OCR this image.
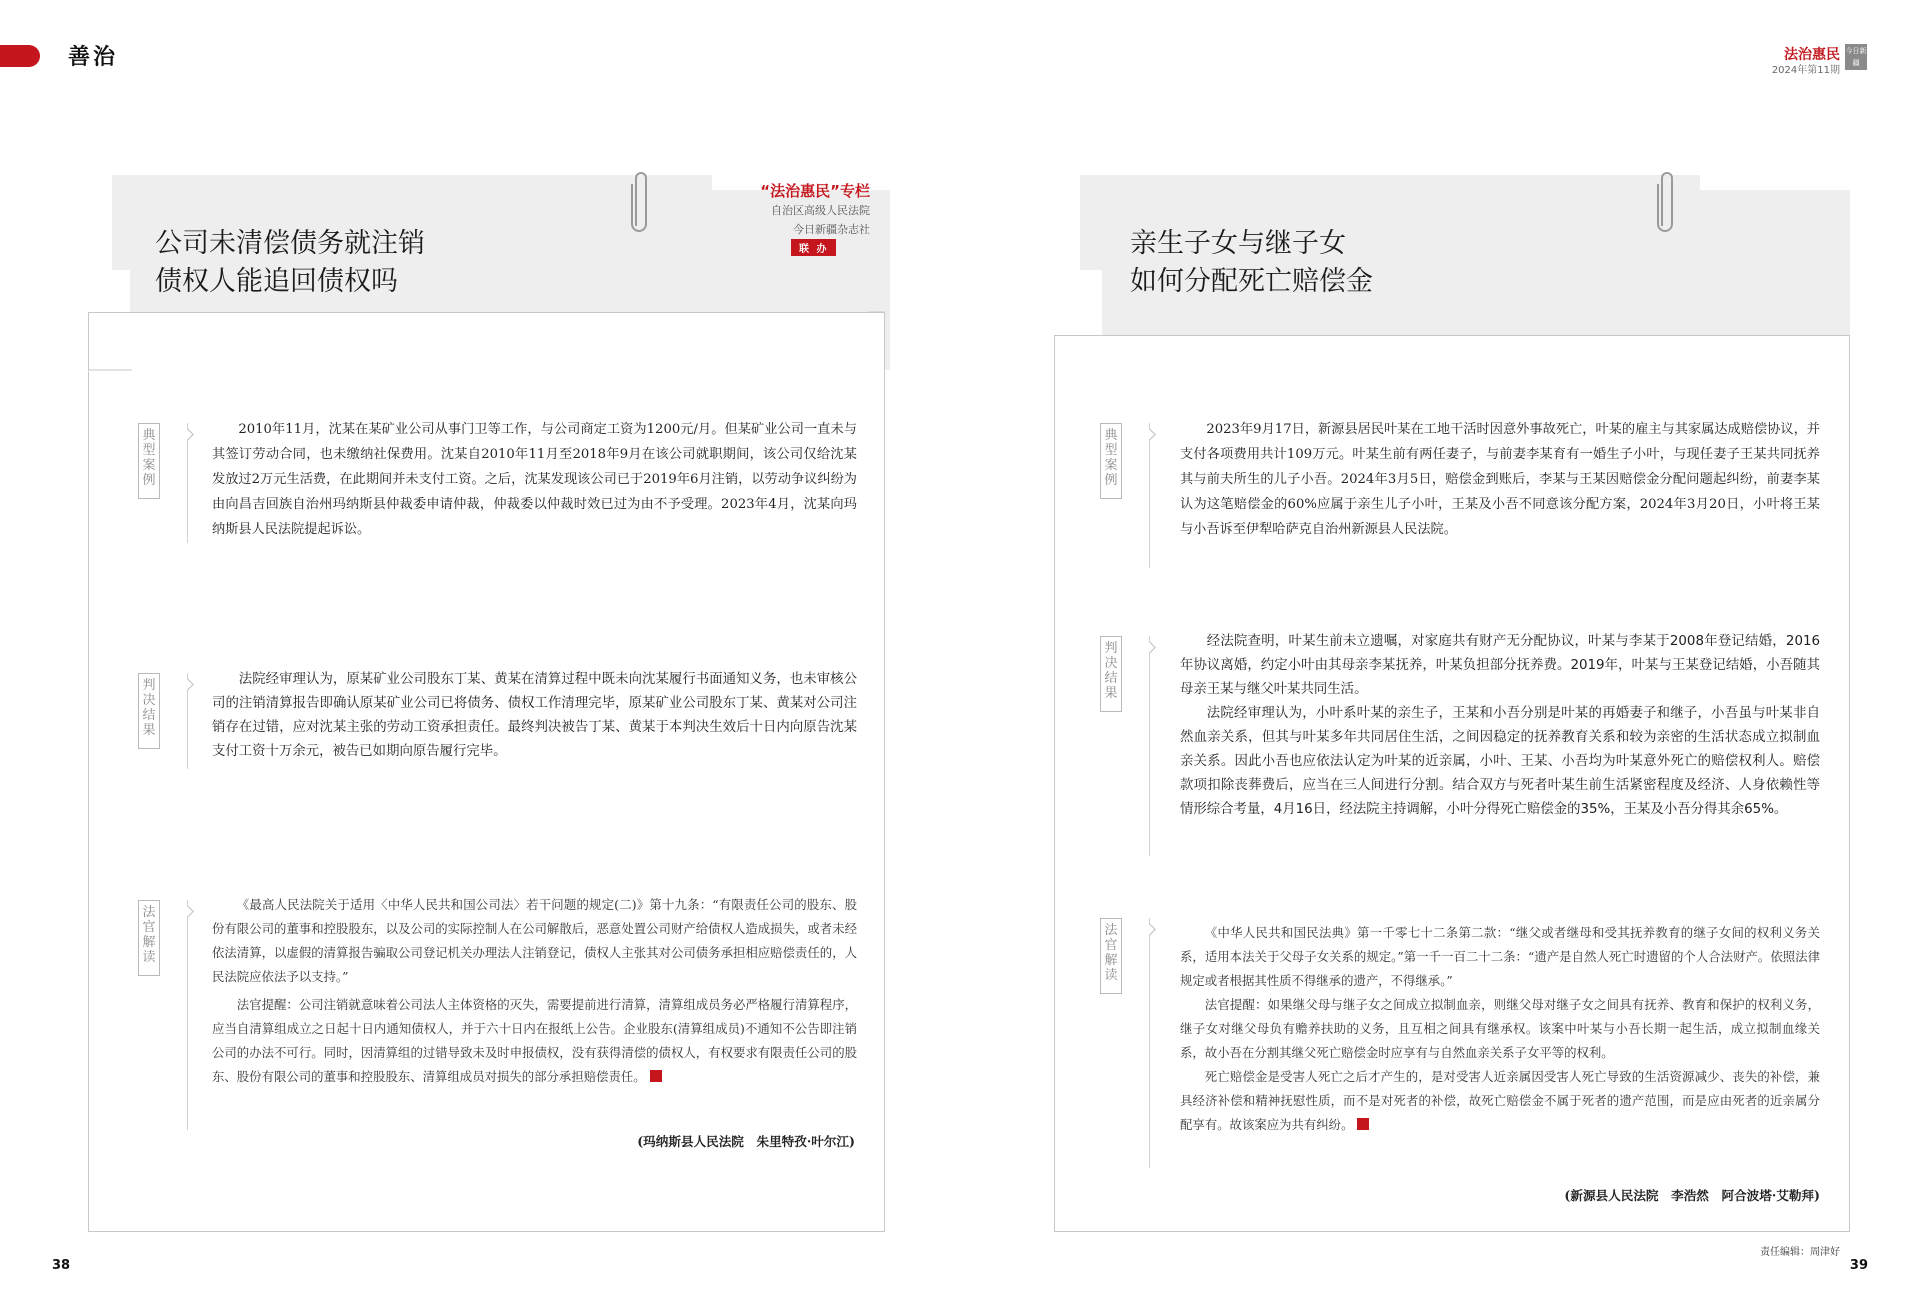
善治	法治惠民
2024年第11期
今日新疆
公司未清偿债务就注销
债权人能追回债权吗
“法治惠民”专栏
自治区高级人民法院
今日新疆杂志社
联 办
典
型
案
例

2010年11月，沈某在某矿业公司从事门卫等工作，与公司商定工资为1200元/月。但某矿业公司一直未与其签订劳动合同，也未缴纳社保费用。沈某自2010年11月至2018年9月在该公司就职期间，该公司仅给沈某发放过2万元生活费，在此期间并未支付工资。之后，沈某发现该公司已于2019年6月注销，以劳动争议纠纷为由向昌吉回族自治州玛纳斯县仲裁委申请仲裁，仲裁委以仲裁时效已过为由不予受理。2023年4月，沈某向玛纳斯县人民法院提起诉讼。

判
决
结
果

法院经审理认为，原某矿业公司股东丁某、黄某在清算过程中既未向沈某履行书面通知义务，也未审核公司的注销清算报告即确认原某矿业公司已将债务、债权工作清理完毕，原某矿业公司股东丁某、黄某对公司注销存在过错，应对沈某主张的劳动工资承担责任。最终判决被告丁某、黄某于本判决生效后十日内向原告沈某支付工资十万余元，被告已如期向原告履行完毕。

法
官
解
读

《最高人民法院关于适用〈中华人民共和国公司法〉若干问题的规定(二)》第十九条：“有限责任公司的股东、股份有限公司的董事和控股股东，以及公司的实际控制人在公司解散后，恶意处置公司财产给债权人造成损失，或者未经依法清算，以虚假的清算报告骗取公司登记机关办理法人注销登记，债权人主张其对公司债务承担相应赔偿责任的，人民法院应依法予以支持。”

法官提醒：公司注销就意味着公司法人主体资格的灭失，需要提前进行清算，清算组成员务必严格履行清算程序，应当自清算组成立之日起十日内通知债权人，并于六十日内在报纸上公告。企业股东(清算组成员)不通知不公告即注销公司的办法不可行。同时，因清算组的过错导致未及时申报债权，没有获得清偿的债权人，有权要求有限责任公司的股东、股份有限公司的董事和控股股东、清算组成员对损失的部分承担赔偿责任。

(玛纳斯县人民法院　朱里特孜·叶尔江)
38
亲生子女与继子女
如何分配死亡赔偿金
典
型
案
例

2023年9月17日，新源县居民叶某在工地干活时因意外事故死亡，叶某的雇主与其家属达成赔偿协议，并支付各项费用共计109万元。叶某生前有两任妻子，与前妻李某育有一婚生子小叶，与现任妻子王某共同抚养其与前夫所生的儿子小吾。2024年3月5日，赔偿金到账后，李某与王某因赔偿金分配问题起纠纷，前妻李某认为这笔赔偿金的60%应属于亲生儿子小叶，王某及小吾不同意该分配方案，2024年3月20日，小叶将王某与小吾诉至伊犁哈萨克自治州新源县人民法院。

判
决
结
果

经法院查明，叶某生前未立遗嘱，对家庭共有财产无分配协议，叶某与李某于2008年登记结婚，2016年协议离婚，约定小叶由其母亲李某抚养，叶某负担部分抚养费。2019年，叶某与王某登记结婚，小吾随其母亲王某与继父叶某共同生活。

法院经审理认为，小叶系叶某的亲生子，王某和小吾分别是叶某的再婚妻子和继子，小吾虽与叶某非自然血亲关系，但其与叶某多年共同居住生活，之间因稳定的抚养教育关系和较为亲密的生活状态成立拟制血亲关系。因此小吾也应依法认定为叶某的近亲属，小叶、王某、小吾均为叶某意外死亡的赔偿权利人。赔偿款项扣除丧葬费后，应当在三人间进行分割。结合双方与死者叶某生前生活紧密程度及经济、人身依赖性等情形综合考量，4月16日，经法院主持调解，小叶分得死亡赔偿金的35%，王某及小吾分得其余65%。

法
官
解
读

《中华人民共和国民法典》第一千零七十二条第二款：“继父或者继母和受其抚养教育的继子女间的权利义务关系，适用本法关于父母子女关系的规定。”第一千一百二十二条：“遗产是自然人死亡时遗留的个人合法财产。依照法律规定或者根据其性质不得继承的遗产，不得继承。”

法官提醒：如果继父母与继子女之间成立拟制血亲，则继父母对继子女之间具有抚养、教育和保护的权利义务，继子女对继父母负有赡养扶助的义务，且互相之间具有继承权。该案中叶某与小吾长期一起生活，成立拟制血缘关系，故小吾在分割其继父死亡赔偿金时应享有与自然血亲关系子女平等的权利。

死亡赔偿金是受害人死亡之后才产生的，是对受害人近亲属因受害人死亡导致的生活资源减少、丧失的补偿，兼具经济补偿和精神抚慰性质，而不是对死者的补偿，故死亡赔偿金不属于死者的遗产范围，而是应由死者的近亲属分配享有。故该案应为共有纠纷。

(新源县人民法院　李浩然　阿合波塔·艾勒拜)
责任编辑：周津好
39
